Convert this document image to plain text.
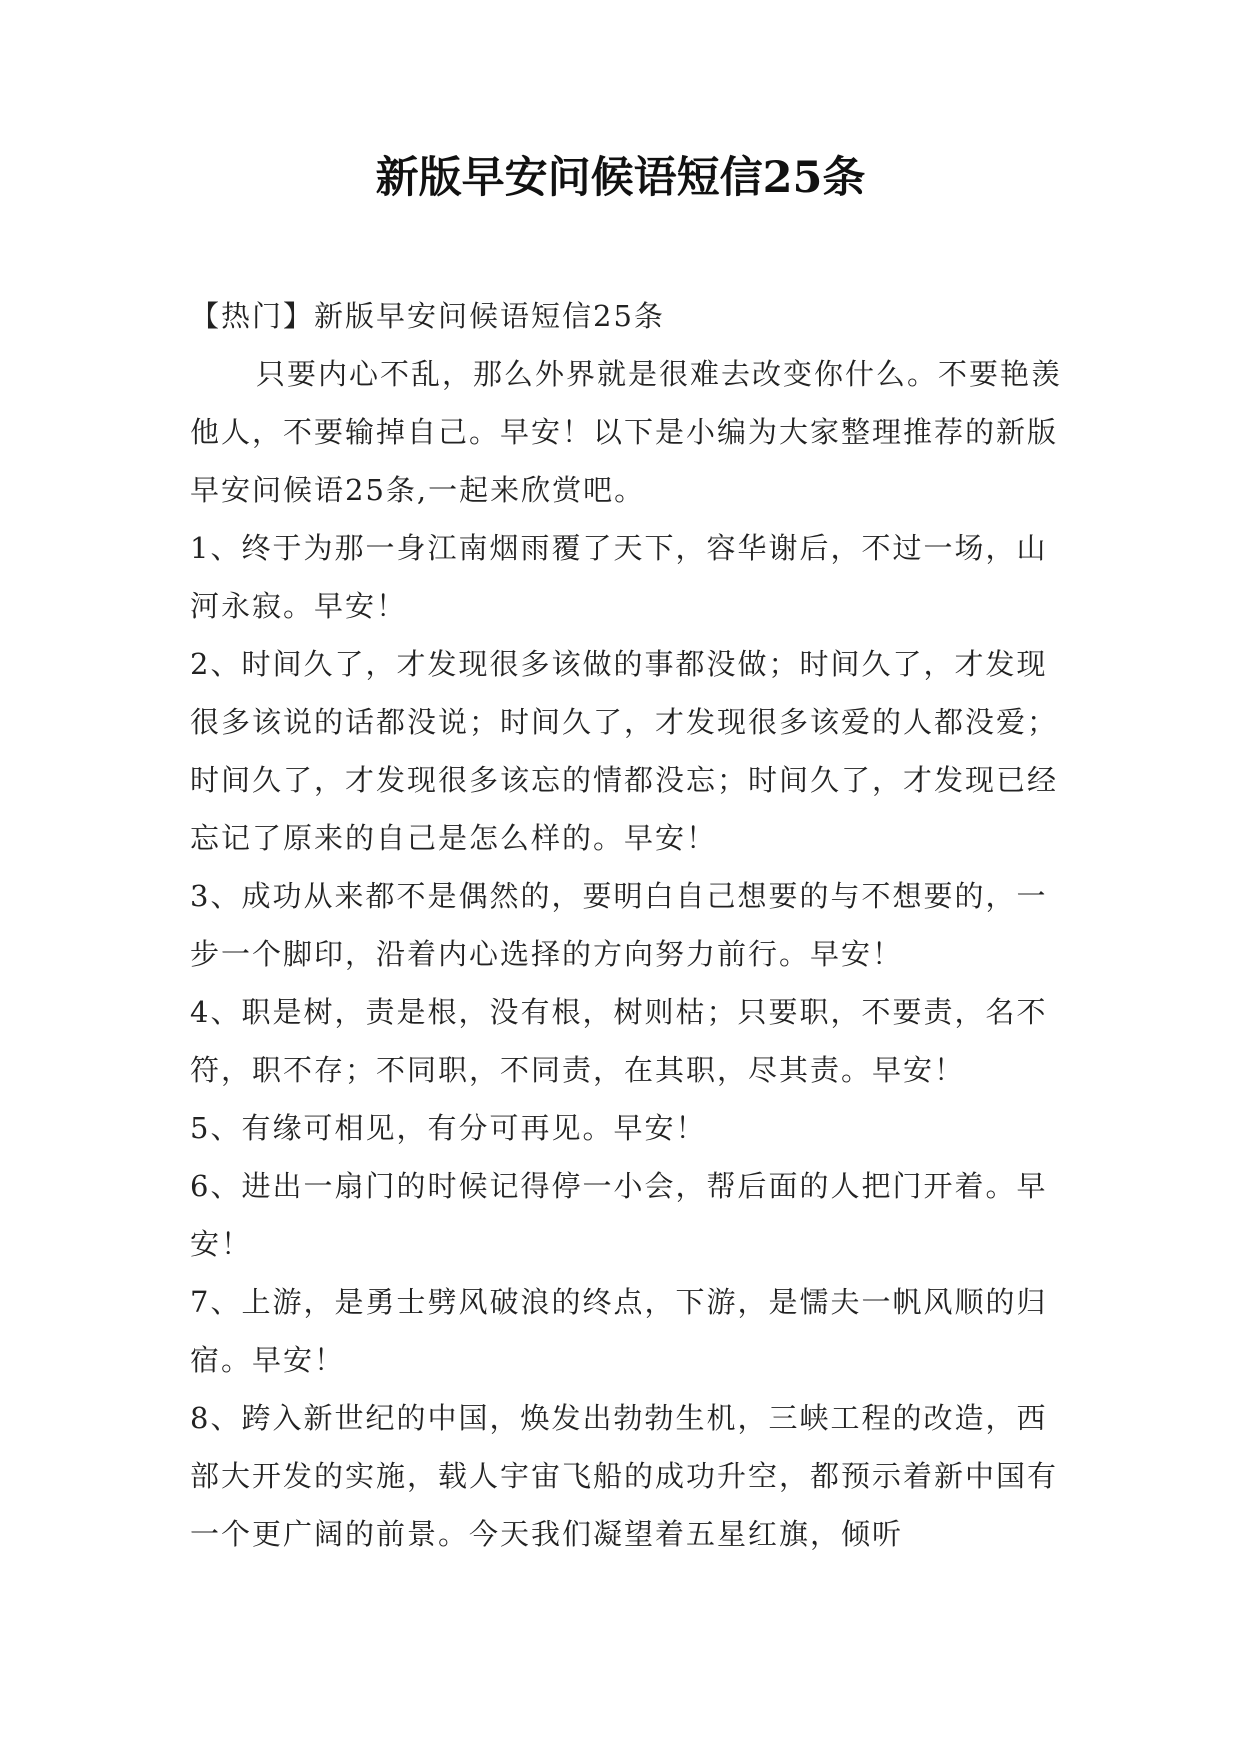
新版早安问候语短信25条

【热门】新版早安问候语短信25条

只要内心不乱，那么外界就是很难去改变你什么。不要艳羡他人，不要输掉自己。早安！以下是小编为大家整理推荐的新版早安问候语25条,一起来欣赏吧。

1、终于为那一身江南烟雨覆了天下，容华谢后，不过一场，山河永寂。早安！

2、时间久了，才发现很多该做的事都没做；时间久了，才发现很多该说的话都没说；时间久了，才发现很多该爱的人都没爱；时间久了，才发现很多该忘的情都没忘；时间久了，才发现已经忘记了原来的自己是怎么样的。早安！

3、成功从来都不是偶然的，要明白自己想要的与不想要的，一步一个脚印，沿着内心选择的方向努力前行。早安！

4、职是树，责是根，没有根，树则枯；只要职，不要责，名不符，职不存；不同职，不同责，在其职，尽其责。早安！

5、有缘可相见，有分可再见。早安！

6、进出一扇门的时候记得停一小会，帮后面的人把门开着。早安！

7、上游，是勇士劈风破浪的终点，下游，是懦夫一帆风顺的归宿。早安！

8、跨入新世纪的中国，焕发出勃勃生机，三峡工程的改造，西部大开发的实施，载人宇宙飞船的成功升空，都预示着新中国有一个更广阔的前景。今天我们凝望着五星红旗，倾听
